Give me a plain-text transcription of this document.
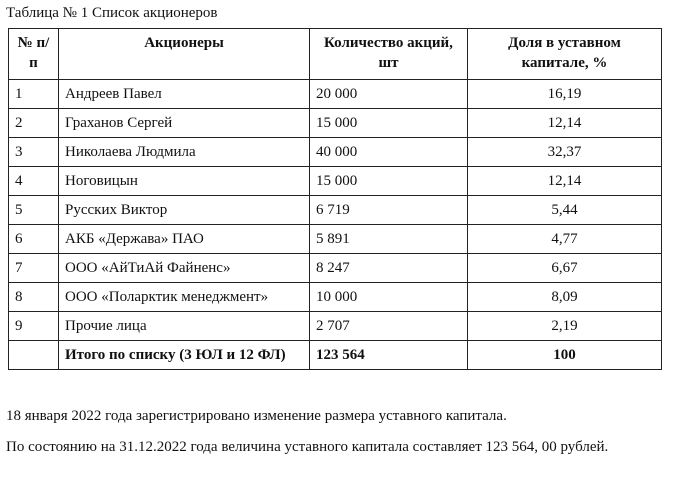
Таблица № 1 Список акционеров
№ п/п	Акционеры	Количество акций, шт	Доля в уставном капитале, %
1	Андреев Павел	20 000	16,19
2	Граханов Сергей	15 000	12,14
3	Николаева Людмила	40 000	32,37
4	Ноговицын	15 000	12,14
5	Русских Виктор	6 719	5,44
6	АКБ «Держава» ПАО	5 891	4,77
7	ООО «АйТиАй Файненс»	8 247	6,67
8	ООО «Поларктик менеджмент»	10 000	8,09
9	Прочие лица	2 707	2,19
	Итого по списку (3 ЮЛ и 12 ФЛ)	123 564	100
18 января 2022 года зарегистрировано изменение размера уставного капитала.
По состоянию на 31.12.2022 года величина уставного капитала составляет 123 564, 00 рублей.
